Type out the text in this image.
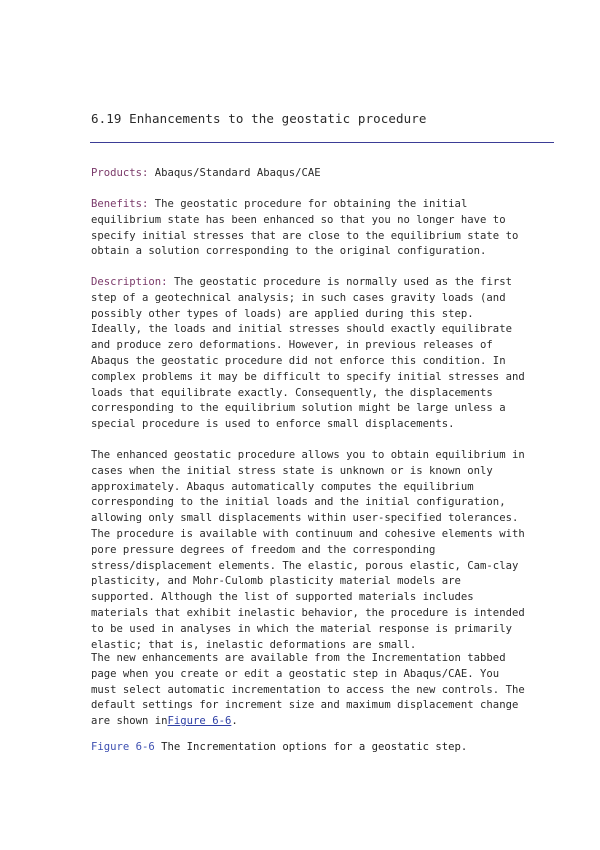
6.19 Enhancements to the geostatic procedure

Products: Abaqus/Standard Abaqus/CAE

Benefits: The geostatic procedure for obtaining the initial equilibrium state has been enhanced so that you no longer have to specify initial stresses that are close to the equilibrium state to obtain a solution corresponding to the original configuration.

Description: The geostatic procedure is normally used as the first step of a geotechnical analysis; in such cases gravity loads (and possibly other types of loads) are applied during this step. Ideally, the loads and initial stresses should exactly equilibrate and produce zero deformations. However, in previous releases of Abaqus the geostatic procedure did not enforce this condition. In complex problems it may be difficult to specify initial stresses and loads that equilibrate exactly. Consequently, the displacements corresponding to the equilibrium solution might be large unless a special procedure is used to enforce small displacements.

The enhanced geostatic procedure allows you to obtain equilibrium in cases when the initial stress state is unknown or is known only approximately. Abaqus automatically computes the equilibrium corresponding to the initial loads and the initial configuration, allowing only small displacements within user-specified tolerances. The procedure is available with continuum and cohesive elements with pore pressure degrees of freedom and the corresponding stress/displacement elements. The elastic, porous elastic, Cam-clay plasticity, and Mohr-Culomb plasticity material models are supported. Although the list of supported materials includes materials that exhibit inelastic behavior, the procedure is intended to be used in analyses in which the material response is primarily elastic; that is, inelastic deformations are small.

The new enhancements are available from the Incrementation tabbed page when you create or edit a geostatic step in Abaqus/CAE. You must select automatic incrementation to access the new controls. The default settings for increment size and maximum displacement change are shown inFigure 6-6.

Figure 6-6 The Incrementation options for a geostatic step.
